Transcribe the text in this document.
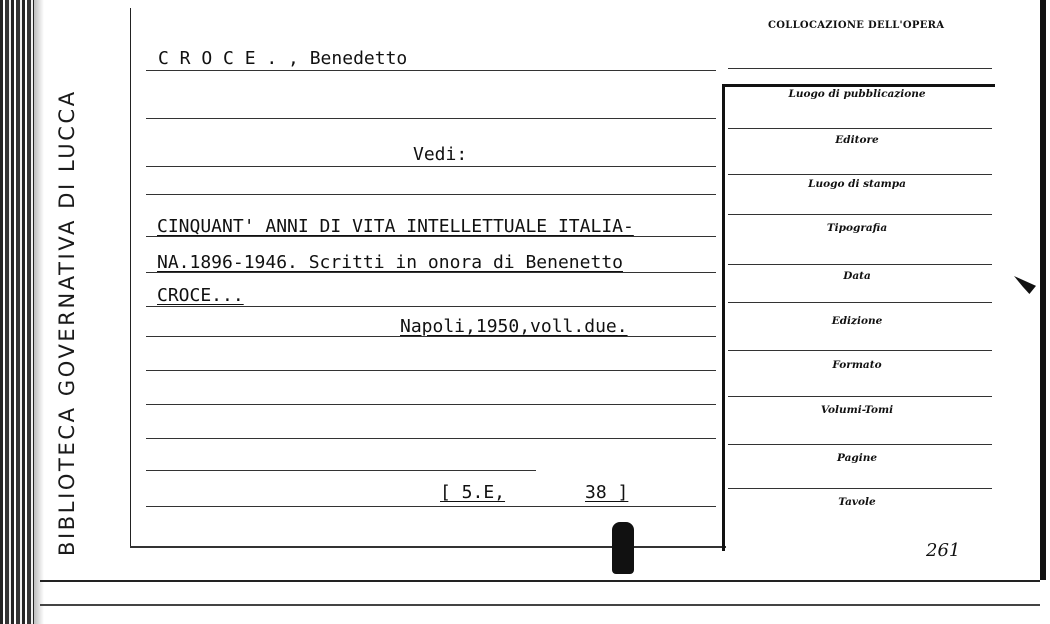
BIBLIOTECA GOVERNATIVA DI LUCCA
COLLOCAZIONE DELL'OPERA
C R O C E . , Benedetto
Vedi:
CINQUANT' ANNI DI VITA INTELLETTUALE ITALIA-
NA.1896-1946. Scritti in onora di Benenetto
CROCE...
Napoli,1950,voll.due.
[ 5.E,	38 ]
Luogo di pubblicazione
Editore
Luogo di stampa
Tipografia
Data
Edizione
Formato
Volumi-Tomi
Pagine
Tavole
261
